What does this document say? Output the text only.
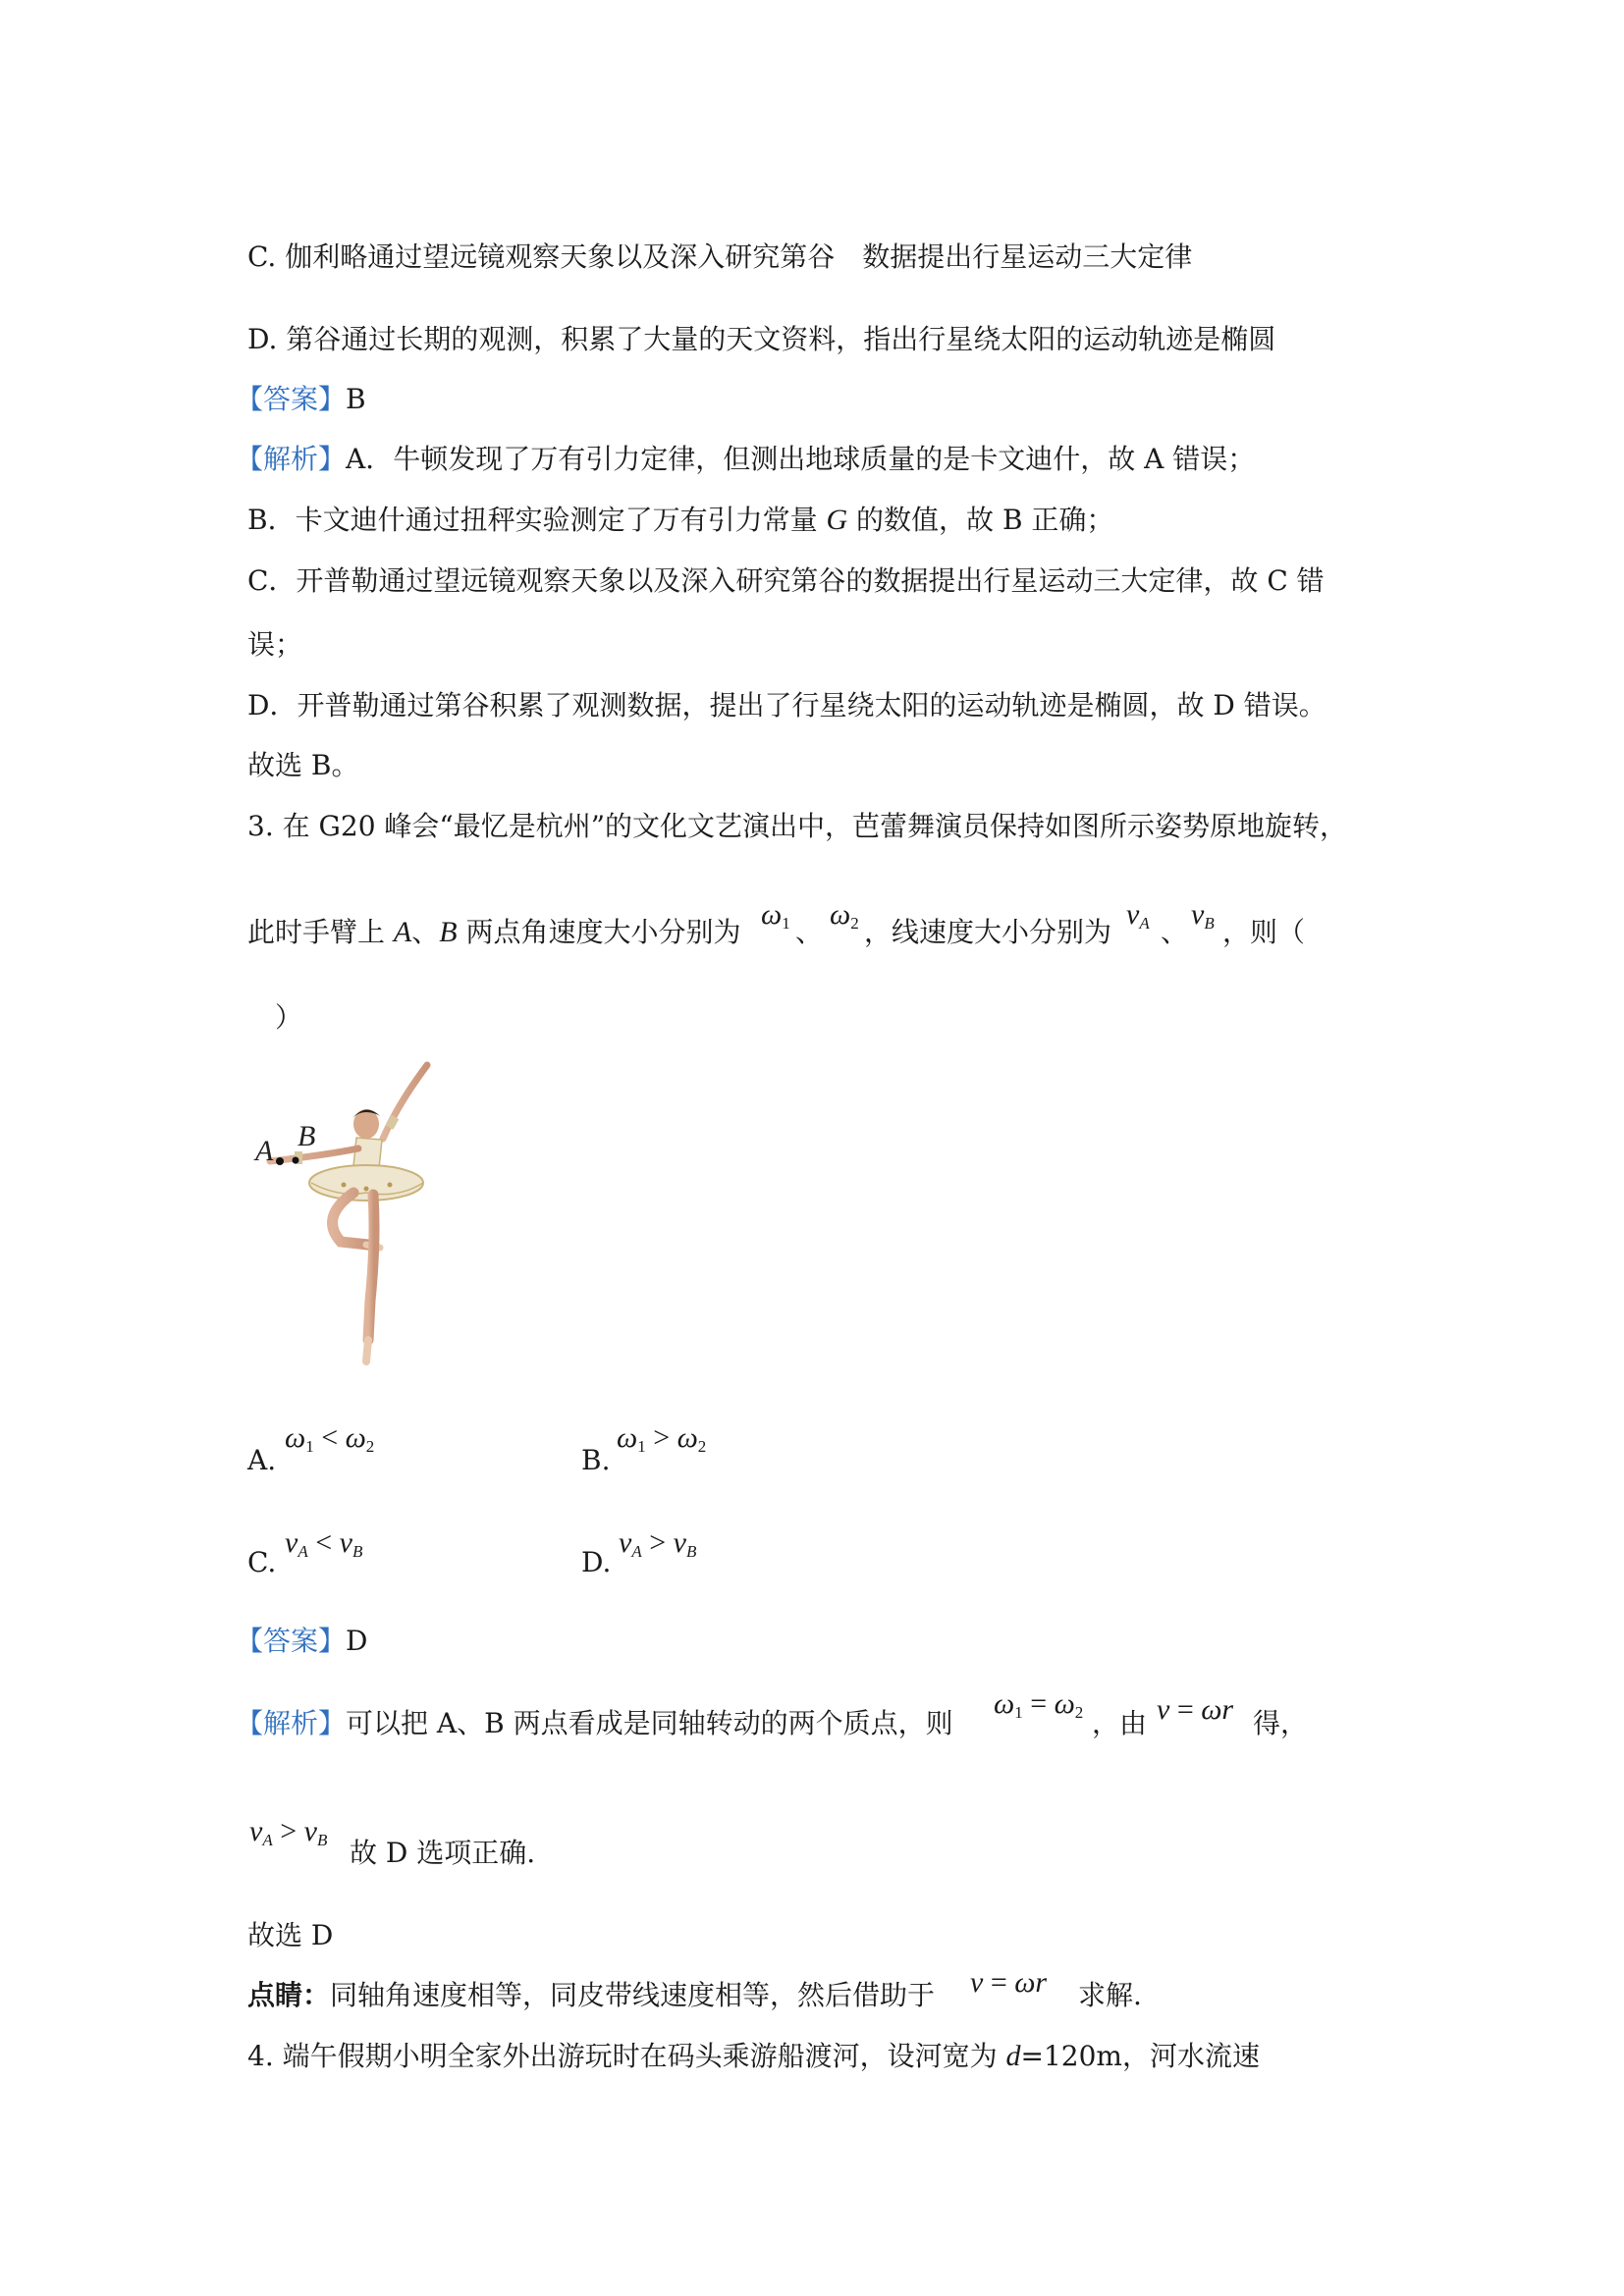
C. 伽利略通过望远镜观察天象以及深入研究第谷　数据提出行星运动三大定律
D. 第谷通过长期的观测，积累了大量的天文资料，指出行星绕太阳的运动轨迹是椭圆
【答案】B
【解析】A．牛顿发现了万有引力定律，但测出地球质量的是卡文迪什，故 A 错误；
B．卡文迪什通过扭秤实验测定了万有引力常量 G 的数值，故 B 正确；
C．开普勒通过望远镜观察天象以及深入研究第谷的数据提出行星运动三大定律，故 C 错
误；
D．开普勒通过第谷积累了观测数据，提出了行星绕太阳的运动轨迹是椭圆，故 D 错误。
故选 B。
3. 在 G20 峰会“最忆是杭州”的文化文艺演出中，芭蕾舞演员保持如图所示姿势原地旋转，
此时手臂上 A、B 两点角速度大小分别为
$\omega_1$ 、
$\omega_2$ ，线速度大小分别为
$v_A$ 、
$v_B$ ，则（
）
A B
A.
$\omega_1 > \omega_2$
B.
$\omega_1 < \omega_2$
C.
$v_A < v_B$	D.
$v_A > v_B$
【答案】D
【解析】可以把 A、B 两点看成是同轴转动的两个质点，则
$\omega_1 = \omega_2$ ，由 v = ωr 得，
$v_A > v_B$ 故 D 选项正确.
故选 D
点睛：同轴角速度相等，同皮带线速度相等，然后借助于 v = ωr 求解.
4. 端午假期小明全家外出游玩时在码头乘游船渡河，设河宽为 d=120m，河水流速
